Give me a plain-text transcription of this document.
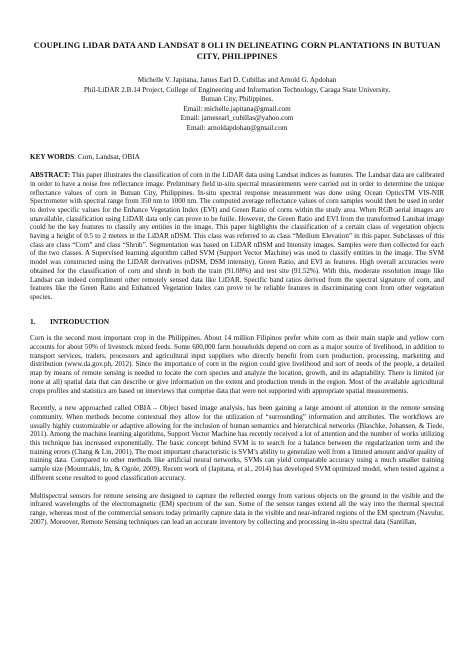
COUPLING LIDAR DATA AND LANDSAT 8 OLI IN DELINEATING CORN PLANTATIONS IN BUTUAN CITY, PHILIPPINES
Michelle V. Japitana, James Earl D. Cubillas and Arnold G. Apdohan
Phil-LiDAR 2.B.14 Project, College of Engineering and Information Technology, Caraga State University,
Butuan City, Philippines,
Email: michelle.japitana@gmail.com
Email: jamesearl_cubillas@yahoo.com
Email: arnoldapdohan@gmail.com

KEY WORDS: Corn, Landsat, OBIA

ABSTRACT: This paper illustrates the classification of corn in the LiDAR data using Landsat indices as features. The Landsat data are calibrated in order to have a noise free reflectance image. Preliminary field in-situ spectral measurements were carried out in order to determine the unique reflectance values of corn in Butuan City, Philippines. In-situ spectral response measurement was done using Ocean OpticsTM VIS-NIR Spectrometer with spectral range from 350 nm to 1000 nm. The computed average reflectance values of corn samples would then be used in order to derive specific values for the Enhance Vegetation Index (EVI) and Green Ratio of corns within the study area. When RGB aerial images are unavailable, classification using LiDAR data only can prove to be futile. However, the Green Ratio and EVI from the transformed Landsat image could be the key features to classify any entities in the image. This paper highlights the classification of a certain class of vegetation objects having a height of 0.5 to 2 meters in the LiDAR nDSM. This class was referred to as class “Medium Elevation” in this paper. Subclasses of this class are class “Corn” and class “Shrub”. Segmentation was based on LiDAR nDSM and Intensity images. Samples were then collected for each of the two classes. A Supervised learning algorithm called SVM (Support Vector Machine) was used to classify entities in the image. The SVM model was constructed using the LiDAR derivatives (nDSM, DSM intensity), Green Ratio, and EVI as features. High overall accuracies were obtained for the classification of corn and shrub in both the train (91.08%) and test site (91.52%). With this, moderate resolution image like Landsat can indeed compliment other remotely sensed data like LiDAR. Specific band ratios derived from the spectral signature of corn, and features like the Green Ratio and Enhanced Vegetation Index can prove to be reliable features in discriminating corn from other vegetation species.

1. INTRODUCTION

Corn is the second most important crop in the Philippines. About 14 million Filipinos prefer white corn as their main staple and yellow corn accounts for about 50% of livestock mixed feeds. Some 600,000 farm households depend on corn as a major source of livelihood, in addition to transport services, traders, processors and agricultural input suppliers who directly benefit from corn production, processing, marketing and distribution (www.da.gov.ph, 2012). Since the importance of corn in the region could give livelihood and sort of needs of the people, a detailed map by means of remote sensing is needed to locate the corn species and analyze the location, growth, and its adaptability. There is limited (or none at all) spatial data that can describe or give information on the extent and production trends in the region. Most of the available agricultural crops profiles and statistics are based on interviews that comprise data that were not supported with appropriate spatial measurements.

Recently, a new approached called OBIA – Object based image analysis, has been gaining a large amount of attention in the remote sensing community. When methods become contextual they allow for the utilization of “surrounding” information and attributes. The workflows are usually highly customizable or adaptive allowing for the inclusion of human semantics and hierarchical networks (Blaschke, Johansen, & Tiede, 2011). Among the machine learning algorithms, Support Vector Machine has recently received a lot of attention and the number of works utilizing this technique has increased exponentially. The basic concept behind SVM is to search for a balance between the regularization term and the training errors (Chang & Lin, 2001). The most important characteristic is SVM’s ability to generalize well from a limited amount and/or quality of training data. Compared to other methods like artificial neural networks, SVMs can yield comparable accuracy using a much smaller training sample size (Mountrakis, Im, & Ogole, 2009). Recent work of (Japitana, et al., 2014) has developed SVM optimized model, when tested against a different scene resulted to good classification accuracy.

Multispectral sensors for remote sensing are designed to capture the reflected energy from various objects on the ground in the visible and the infrared wavelengths of the electromagnetic (EM) spectrum of the sun. Some of the sensor ranges extend all the way into the thermal spectral range, whereas most of the commercial sensors today primarily capture data in the visible and near-infrared regions of the EM spectrum (Navulur, 2007). Moreover, Remote Sensing techniques can lead an accurate inventory by collecting and processing in-situ spectral data (Santillan,
